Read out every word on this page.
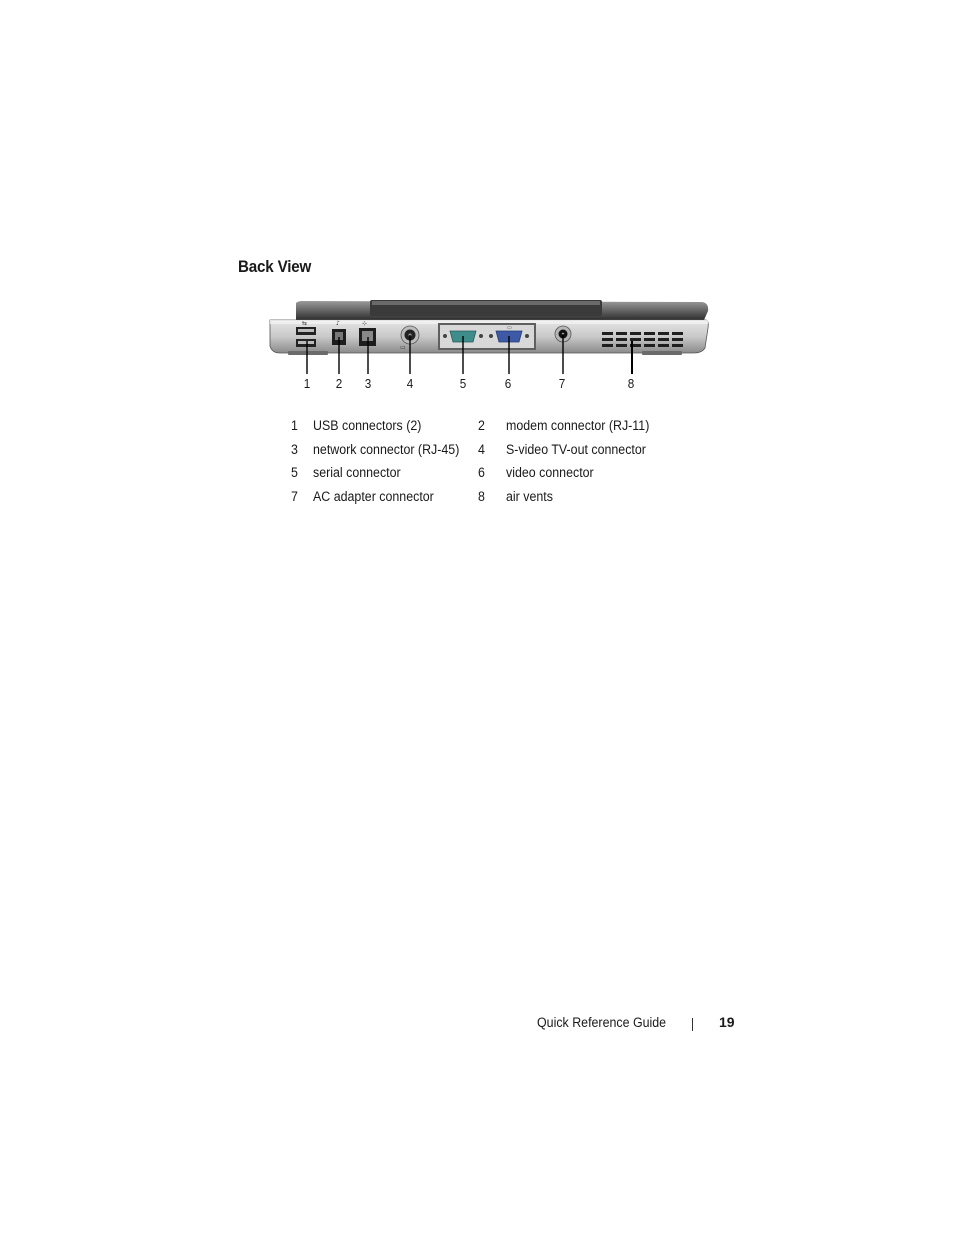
Back View
⇆	♪	⊹
▭
▭
1	2	3	4	5	6	7	8
1 USB connectors (2)	2 modem connector (RJ-11)
3 network connector (RJ-45) 4 S-video TV-out connector
5 serial connector	6 video connector
7 AC adapter connector	8 air vents
Quick Reference Guide	19
